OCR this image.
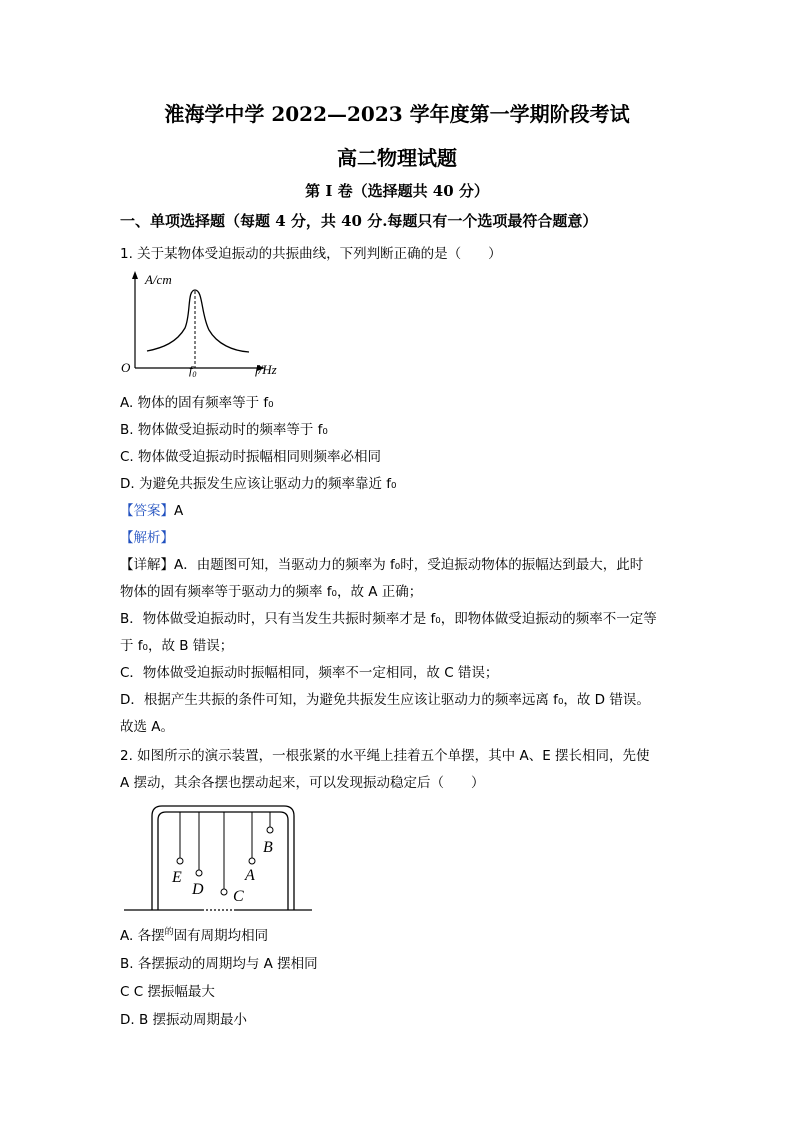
淮海学中学 2022—2023 学年度第一学期阶段考试
高二物理试题
第 I 卷（选择题共 40 分）
一、单项选择题（每题 4 分，共 40 分.每题只有一个选项最符合题意）
1. 关于某物体受迫振动的共振曲线，下列判断正确的是（　　）
A/cm
O	$f_0$	f/Hz
A. 物体的固有频率等于 f₀
B. 物体做受迫振动时的频率等于 f₀
C. 物体做受迫振动时振幅相同则频率必相同
D. 为避免共振发生应该让驱动力的频率靠近 f₀
【答案】A
【解析】
【详解】A．由题图可知，当驱动力的频率为 f₀时，受迫振动物体的振幅达到最大，此时
物体的固有频率等于驱动力的频率 f₀，故 A 正确；
B．物体做受迫振动时，只有当发生共振时频率才是 f₀，即物体做受迫振动的频率不一定等
于 f₀，故 B 错误；
C．物体做受迫振动时振幅相同，频率不一定相同，故 C 错误；
D．根据产生共振的条件可知，为避免共振发生应该让驱动力的频率远离 f₀，故 D 错误。
故选 A。
2. 如图所示的演示装置，一根张紧的水平绳上挂着五个单摆，其中 A、E 摆长相同，先使
A 摆动，其余各摆也摆动起来，可以发现振动稳定后（　　）
E
D C
A
B
A. 各摆$^的$固有周期均相同
B. 各摆振动的周期均与 A 摆相同
C C 摆振幅最大
D. B 摆振动周期最小
